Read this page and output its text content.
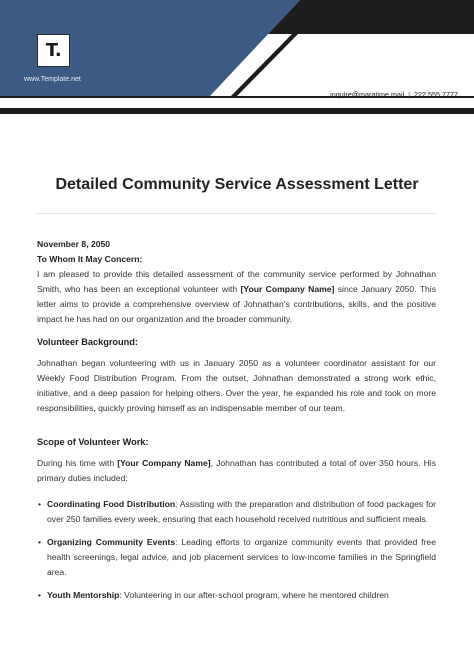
T.
www.Template.net
inquire@maratime.mail | 222 555 7777
Detailed Community Service Assessment Letter
November 8, 2050
To Whom It May Concern:

I am pleased to provide this detailed assessment of the community service performed by Johnathan Smith, who has been an exceptional volunteer with [Your Company Name] since January 2050. This letter aims to provide a comprehensive overview of Johnathan’s contributions, skills, and the positive impact he has had on our organization and the broader community.

Volunteer Background:

Johnathan began volunteering with us in January 2050 as a volunteer coordinator assistant for our Weekly Food Distribution Program. From the outset, Johnathan demonstrated a strong work ethic, initiative, and a deep passion for helping others. Over the year, he expanded his role and took on more responsibilities, quickly proving himself as an indispensable member of our team.

Scope of Volunteer Work:

During his time with [Your Company Name], Johnathan has contributed a total of over 350 hours. His primary duties included:

• Coordinating Food Distribution: Assisting with the preparation and distribution of food packages for over 250 families every week, ensuring that each household received nutritious and sufficient meals.
• Organizing Community Events: Leading efforts to organize community events that provided free health screenings, legal advice, and job placement services to low-income families in the Springfield area.
• Youth Mentorship: Volunteering in our after-school program, where he mentored children
